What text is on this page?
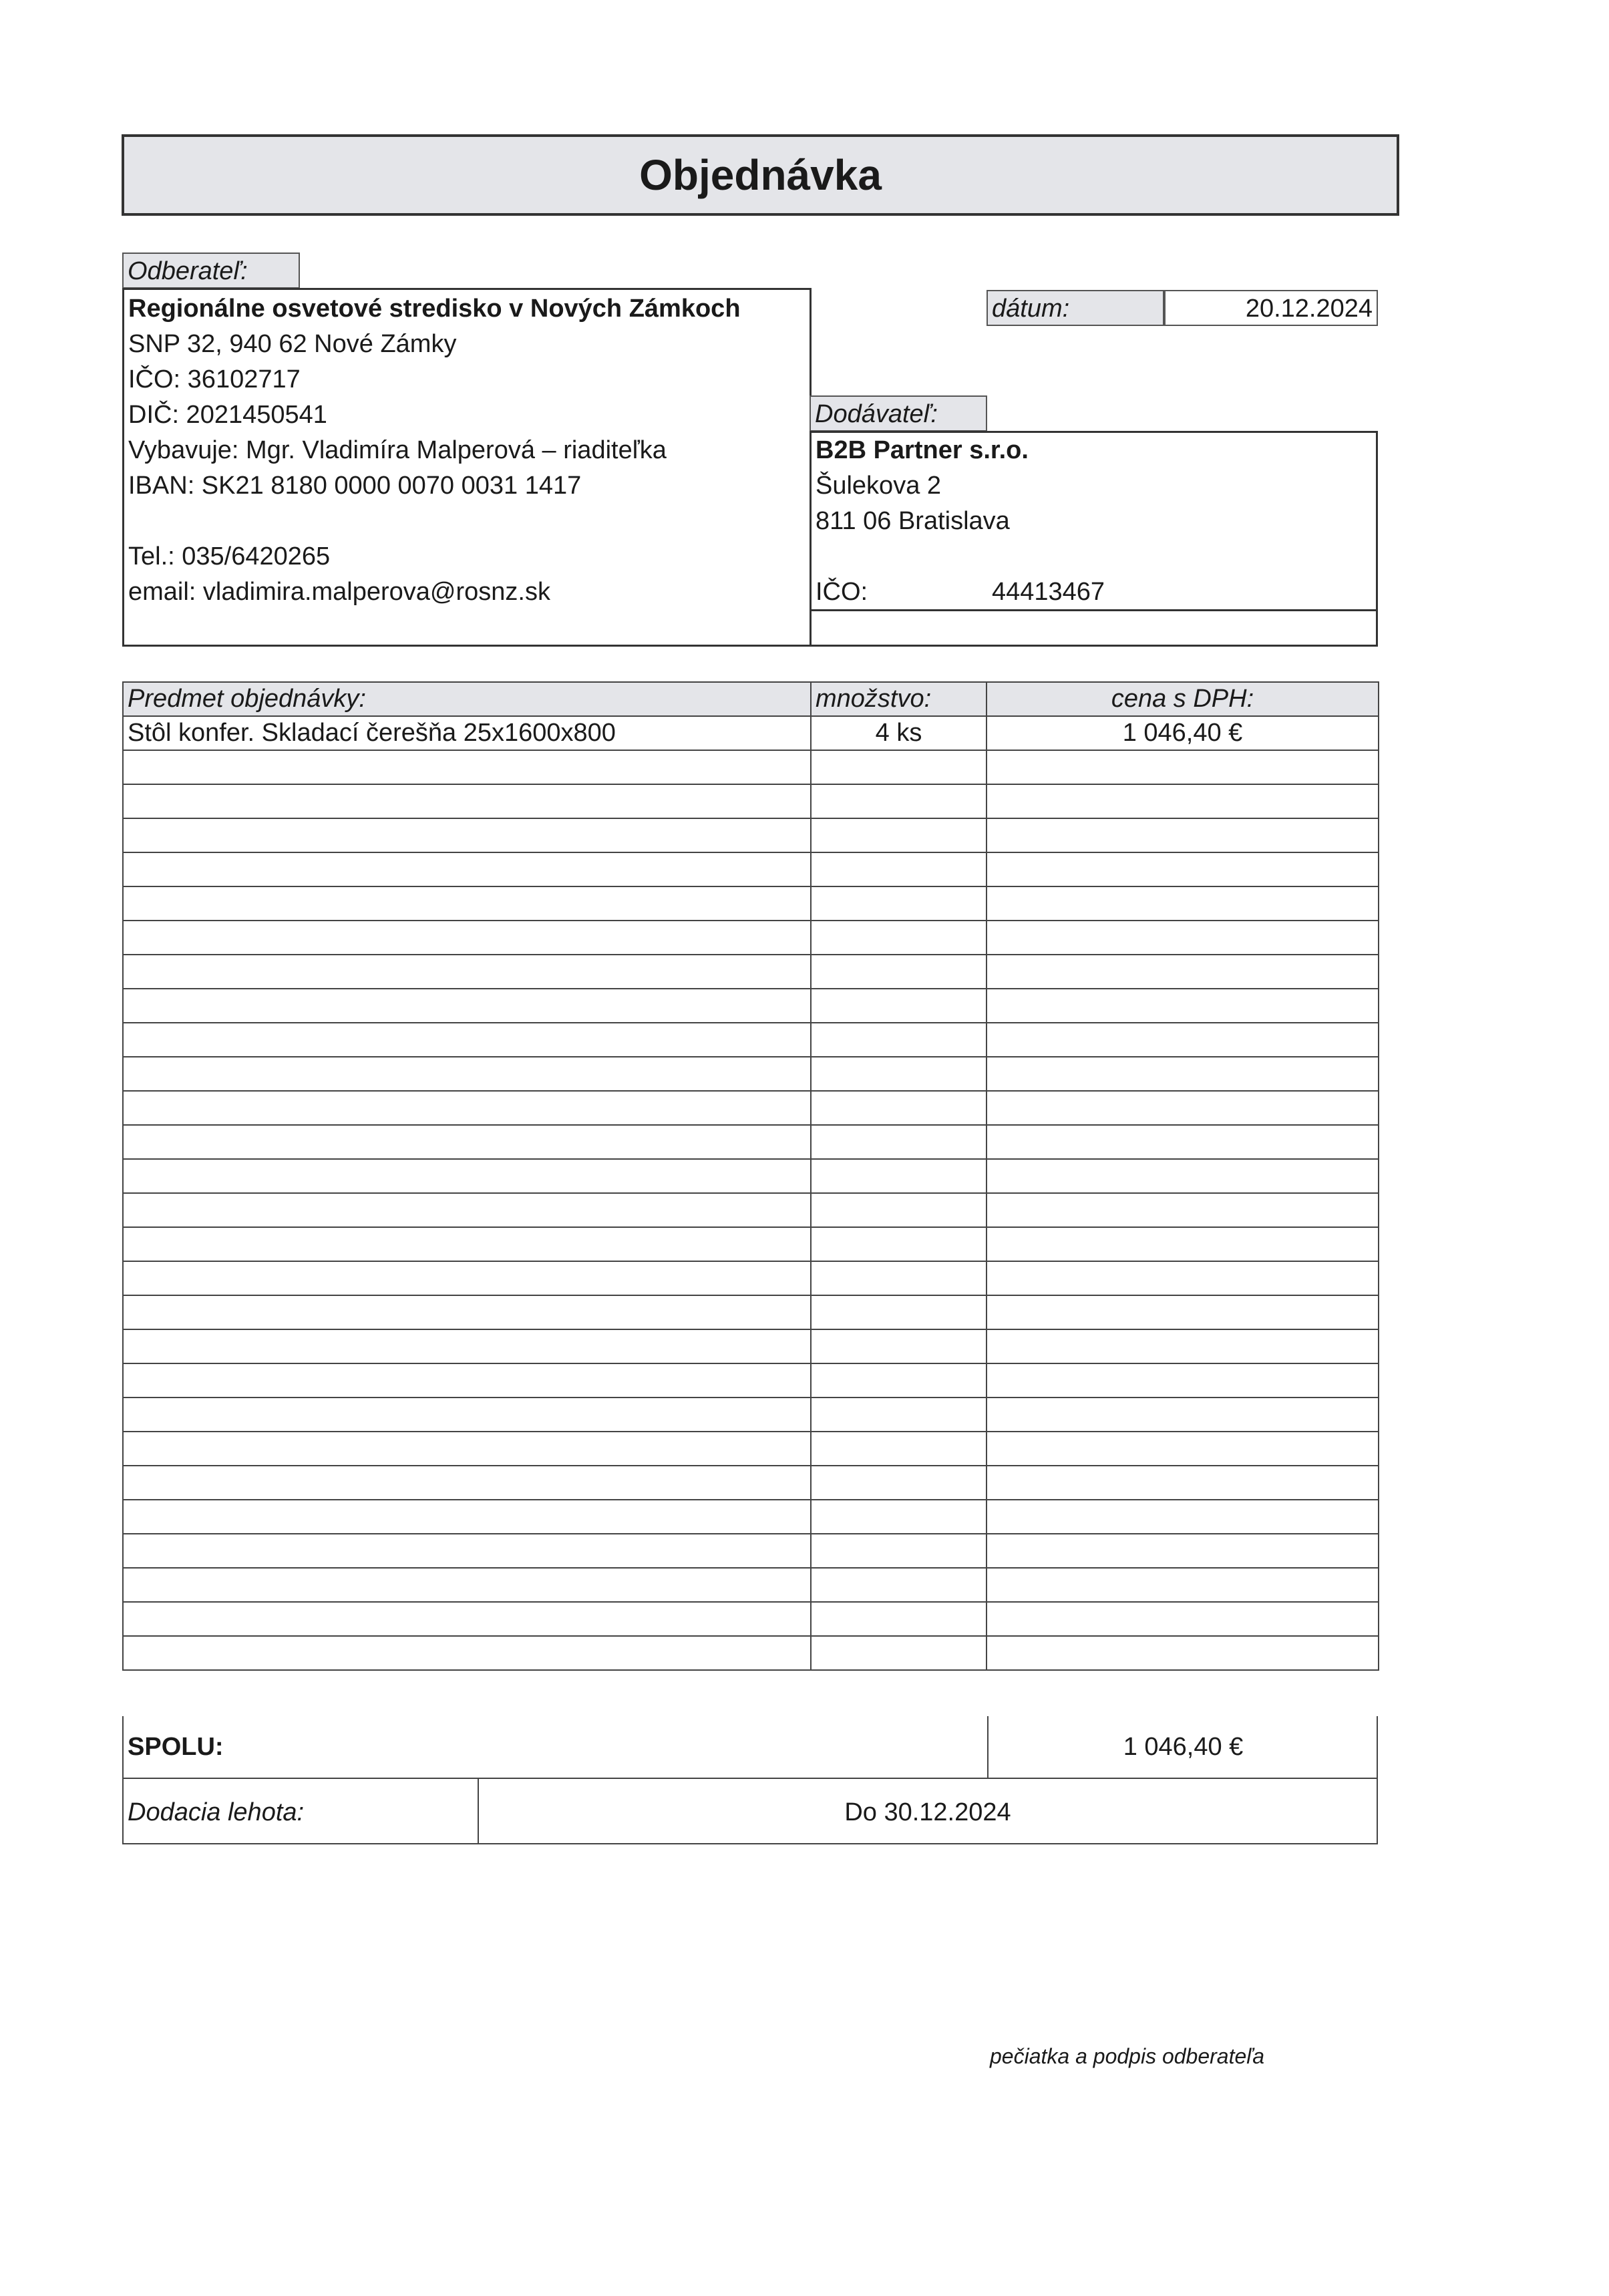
Objednávka
Odberateľ:
Regionálne osvetové stredisko v Nových Zámkoch
SNP 32, 940 62 Nové Zámky
IČO: 36102717
DIČ: 2021450541
Vybavuje: Mgr. Vladimíra Malperová – riaditeľka
IBAN: SK21 8180 0000 0070 0031 1417
Tel.: 035/6420265
email: vladimira.malperova@rosnz.sk
dátum:	20.12.2024
Dodávateľ:
B2B Partner s.r.o.
Šulekova 2
811 06 Bratislava
IČO:	44413467
Predmet objednávky:	množstvo:	cena s DPH:
Stôl konfer. Skladací čerešňa 25x1600x800	4 ks	1 046,40 €

SPOLU:	1 046,40 €
Dodacia lehota:	Do 30.12.2024
pečiatka a podpis odberateľa
